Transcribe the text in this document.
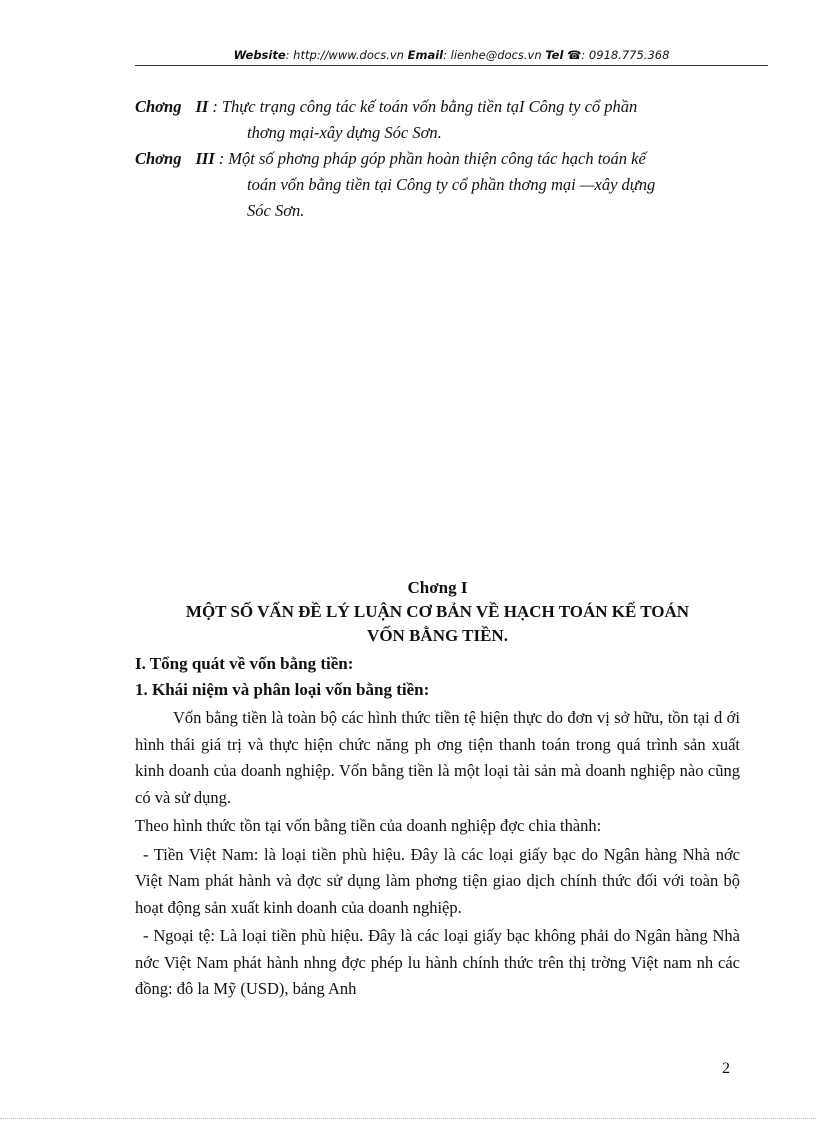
Website: http://www.docs.vn Email: lienhe@docs.vn Tel ☎: 0918.775.368
Chơng II : Thực trạng công tác kế toán vốn bằng tiền tạI Công ty cổ phần
thơng mại-xây dựng Sóc Sơn.
Chơng III : Một số phơng pháp góp phần hoàn thiện công tác hạch toán kế
toán vốn bằng tiền tại Công ty cổ phần thơng mại —xây dựng
Sóc Sơn.
Chơng I
MỘT SỐ VẤN ĐỀ LÝ LUẬN CƠ BẢN VỀ HẠCH TOÁN KẾ TOÁN
VỐN BẰNG TIỀN.
I. Tổng quát về vốn bằng tiền:
1. Khái niệm và phân loại vốn bằng tiền:

Vốn bằng tiền là toàn bộ các hình thức tiền tệ hiện thực do đơn vị sở hữu, tồn tại d ới hình thái giá trị và thực hiện chức năng ph ơng tiện thanh toán trong quá trình sản xuất kinh doanh của doanh nghiệp. Vốn bằng tiền là một loại tài sản mà doanh nghiệp nào cũng có và sử dụng.

Theo hình thức tồn tại vốn bằng tiền của doanh nghiệp đợc chia thành:

- Tiền Việt Nam: là loại tiền phù hiệu. Đây là các loại giấy bạc do Ngân hàng Nhà nớc Việt Nam phát hành và đợc sử dụng làm phơng tiện giao dịch chính thức đối với toàn bộ hoạt động sản xuất kinh doanh của doanh nghiệp.

- Ngoại tệ: Là loại tiền phù hiệu. Đây là các loại giấy bạc không phải do Ngân hàng Nhà nớc Việt Nam phát hành nhng đợc phép lu hành chính thức trên thị trờng Việt nam nh các đồng: đô la Mỹ (USD), bảng Anh

2
